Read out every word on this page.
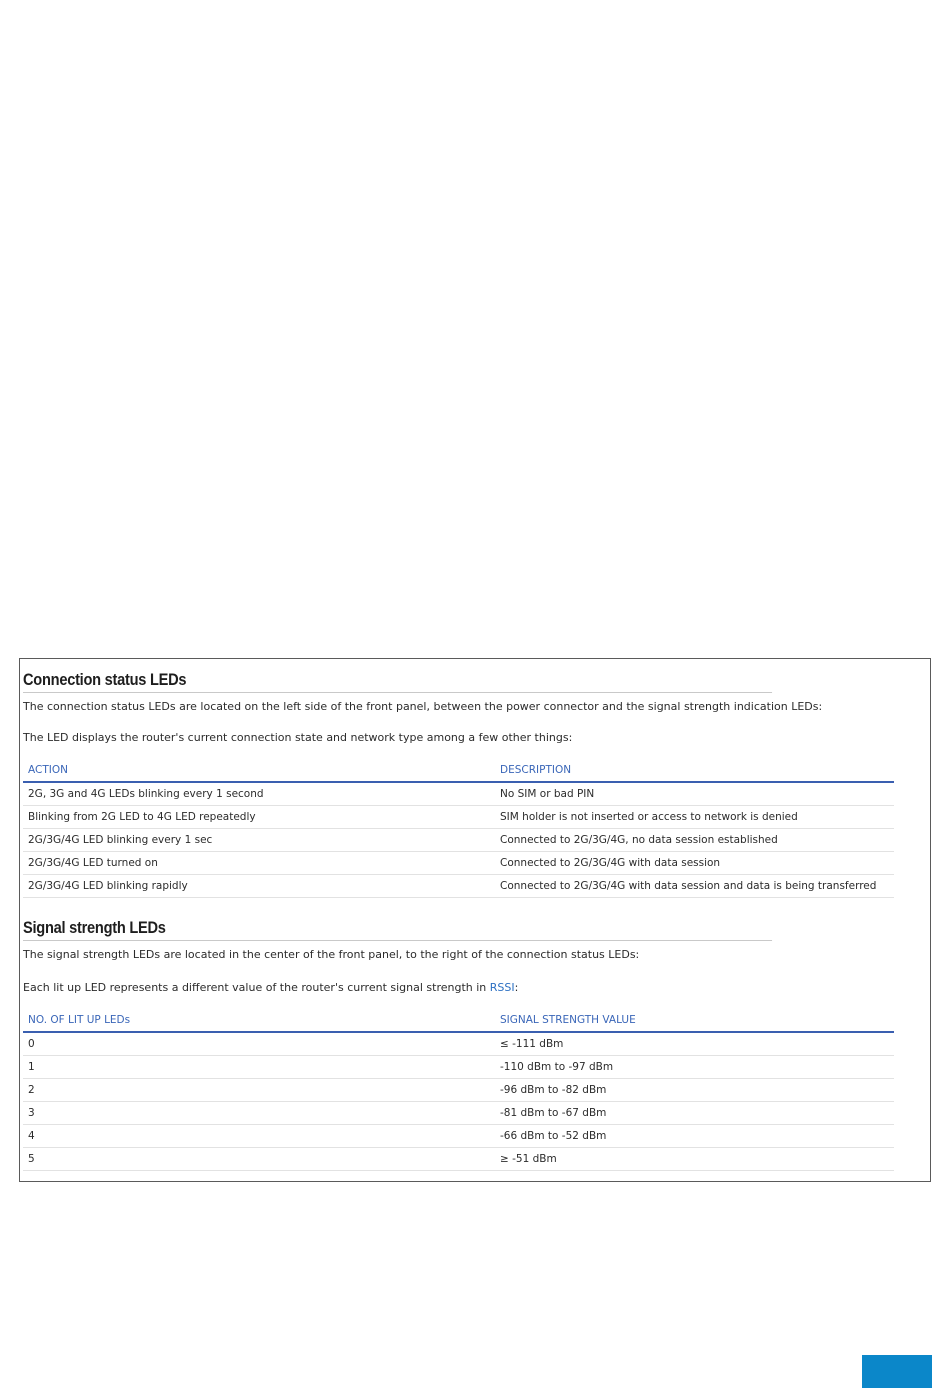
Connection status LEDs
The connection status LEDs are located on the left side of the front panel, between the power connector and the signal strength indication LEDs:
The LED displays the router's current connection state and network type among a few other things:
ACTION	DESCRIPTION
2G, 3G and 4G LEDs blinking every 1 second	No SIM or bad PIN
Blinking from 2G LED to 4G LED repeatedly	SIM holder is not inserted or access to network is denied
2G/3G/4G LED blinking every 1 sec	Connected to 2G/3G/4G, no data session established
2G/3G/4G LED turned on	Connected to 2G/3G/4G with data session
2G/3G/4G LED blinking rapidly	Connected to 2G/3G/4G with data session and data is being transferred
Signal strength LEDs
The signal strength LEDs are located in the center of the front panel, to the right of the connection status LEDs:
Each lit up LED represents a different value of the router's current signal strength in RSSI:
NO. OF LIT UP LEDs	SIGNAL STRENGTH VALUE
0	≤ -111 dBm
1	-110 dBm to -97 dBm
2	-96 dBm to -82 dBm
3	-81 dBm to -67 dBm
4	-66 dBm to -52 dBm
5	≥ -51 dBm
